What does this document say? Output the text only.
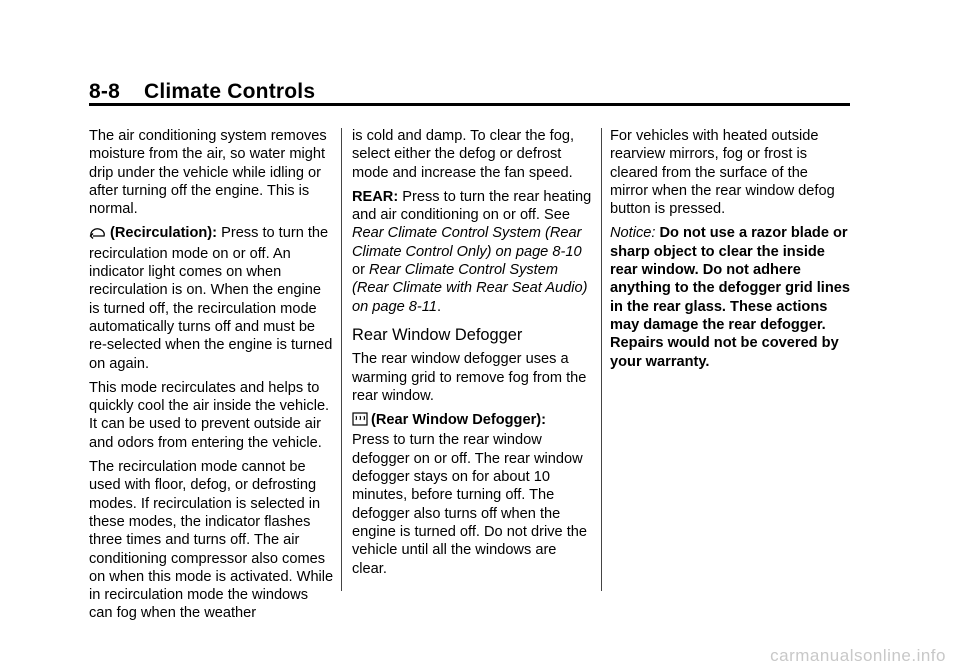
8-8 Climate Controls

The air conditioning system removes moisture from the air, so water might drip under the vehicle while idling or after turning off the engine. This is normal.

(Recirculation): Press to turn the recirculation mode on or off. An indicator light comes on when recirculation is on. When the engine is turned off, the recirculation mode automatically turns off and must be re-selected when the engine is turned on again.

This mode recirculates and helps to quickly cool the air inside the vehicle. It can be used to prevent outside air and odors from entering the vehicle.

The recirculation mode cannot be used with floor, defog, or defrosting modes. If recirculation is selected in these modes, the indicator flashes three times and turns off. The air conditioning compressor also comes on when this mode is activated. While in recirculation mode the windows can fog when the weather

is cold and damp. To clear the fog, select either the defog or defrost mode and increase the fan speed.

REAR: Press to turn the rear heating and air conditioning on or off. See Rear Climate Control System (Rear Climate Control Only) on page 8-10 or Rear Climate Control System (Rear Climate with Rear Seat Audio) on page 8-11.

Rear Window Defogger

The rear window defogger uses a warming grid to remove fog from the rear window.

(Rear Window Defogger):
Press to turn the rear window defogger on or off. The rear window defogger stays on for about 10 minutes, before turning off. The defogger also turns off when the engine is turned off. Do not drive the vehicle until all the windows are clear.

For vehicles with heated outside rearview mirrors, fog or frost is cleared from the surface of the mirror when the rear window defog button is pressed.

Notice: Do not use a razor blade or sharp object to clear the inside rear window. Do not adhere anything to the defogger grid lines in the rear glass. These actions may damage the rear defogger. Repairs would not be covered by your warranty.

carmanualsonline.info
